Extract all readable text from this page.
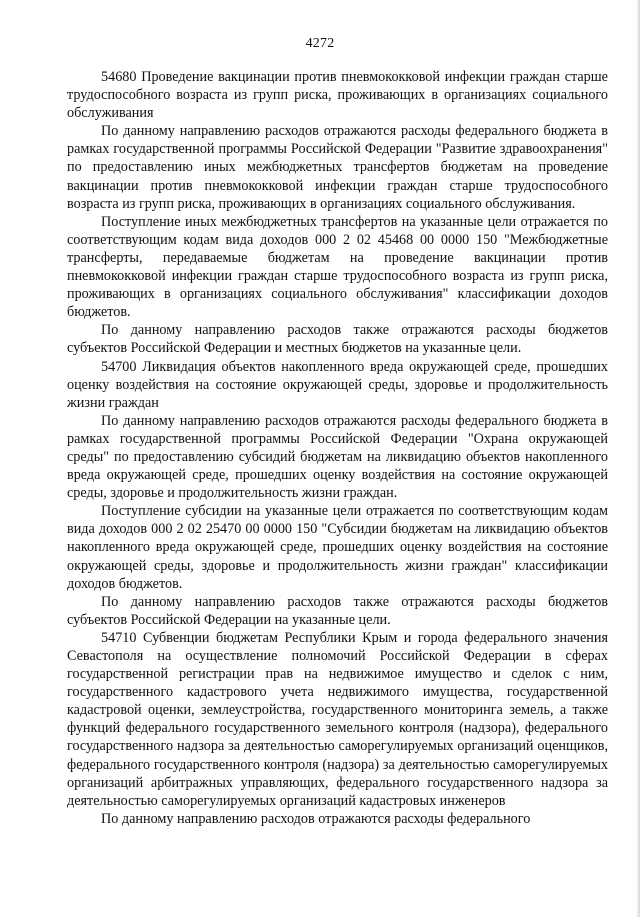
4272

54680 Проведение вакцинации против пневмококковой инфекции граждан старше трудоспособного возраста из групп риска, проживающих в организациях социального обслуживания

По данному направлению расходов отражаются расходы федерального бюджета в рамках государственной программы Российской Федерации "Развитие здравоохранения" по предоставлению иных межбюджетных трансфертов бюджетам на проведение вакцинации против пневмококковой инфекции граждан старше трудоспособного возраста из групп риска, проживающих в организациях социального обслуживания.

Поступление иных межбюджетных трансфертов на указанные цели отражается по соответствующим кодам вида доходов 000 2 02 45468 00 0000 150 "Межбюджетные трансферты, передаваемые бюджетам на проведение вакцинации против пневмококковой инфекции граждан старше трудоспособного возраста из групп риска, проживающих в организациях социального обслуживания" классификации доходов бюджетов.

По данному направлению расходов также отражаются расходы бюджетов субъектов Российской Федерации и местных бюджетов на указанные цели.

54700 Ликвидация объектов накопленного вреда окружающей среде, прошедших оценку воздействия на состояние окружающей среды, здоровье и продолжительность жизни граждан

По данному направлению расходов отражаются расходы федерального бюджета в рамках государственной программы Российской Федерации "Охрана окружающей среды" по предоставлению субсидий бюджетам на ликвидацию объектов накопленного вреда окружающей среде, прошедших оценку воздействия на состояние окружающей среды, здоровье и продолжительность жизни граждан.

Поступление субсидии на указанные цели отражается по соответствующим кодам вида доходов 000 2 02 25470 00 0000 150 "Субсидии бюджетам на ликвидацию объектов накопленного вреда окружающей среде, прошедших оценку воздействия на состояние окружающей среды, здоровье и продолжительность жизни граждан" классификации доходов бюджетов.

По данному направлению расходов также отражаются расходы бюджетов субъектов Российской Федерации на указанные цели.

54710 Субвенции бюджетам Республики Крым и города федерального значения Севастополя на осуществление полномочий Российской Федерации в сферах государственной регистрации прав на недвижимое имущество и сделок с ним, государственного кадастрового учета недвижимого имущества, государственной кадастровой оценки, землеустройства, государственного мониторинга земель, а также функций федерального государственного земельного контроля (надзора), федерального государственного надзора за деятельностью саморегулируемых организаций оценщиков, федерального государственного контроля (надзора) за деятельностью саморегулируемых организаций арбитражных управляющих, федерального государственного надзора за деятельностью саморегулируемых организаций кадастровых инженеров

По данному направлению расходов отражаются расходы федерального
